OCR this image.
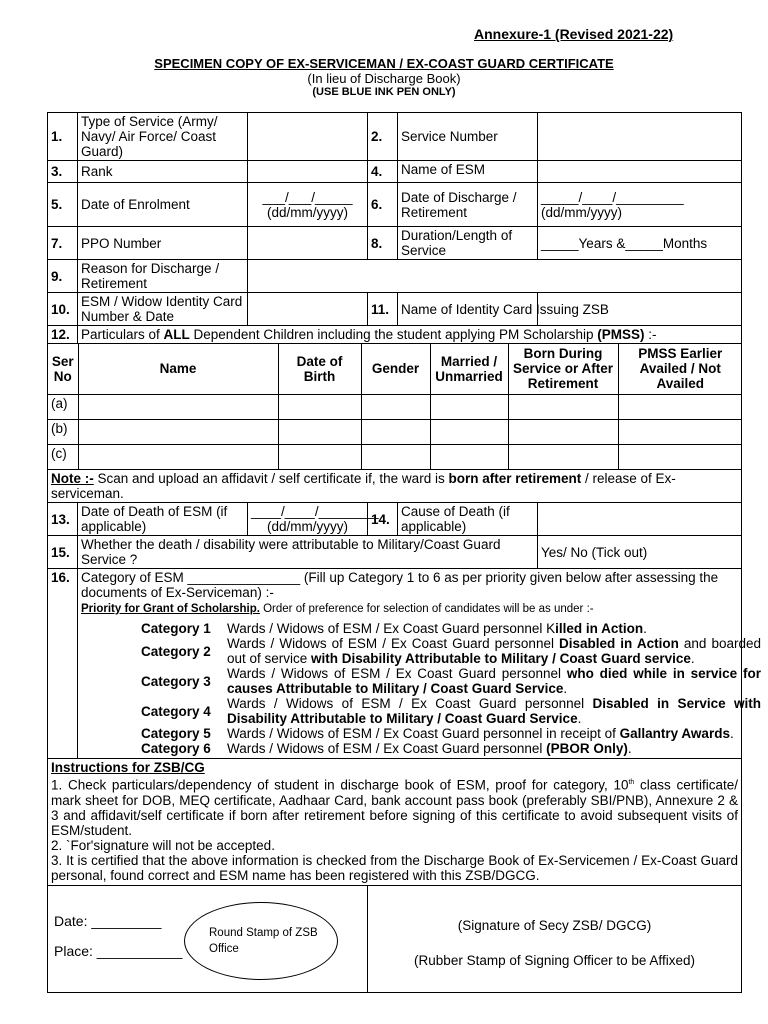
Annexure-1 (Revised 2021-22)
SPECIMEN COPY OF EX-SERVICEMAN / EX-COAST GUARD CERTIFICATE
(In lieu of Discharge Book)
(USE BLUE INK PEN ONLY)
1.	Type of Service (Army/ Navy/ Air Force/ Coast Guard)		2.	Service Number	
3.	Rank		4.	Name of ESM	
5.	Date of Enrolment	___/___/_____ (dd/mm/yyyy)	6.	Date of Discharge / Retirement	_____/____/_________ (dd/mm/yyyy)
7.	PPO Number		8.	Duration/Length of Service	_____Years &_____Months
9.	Reason for Discharge / Retirement	
10.	ESM / Widow Identity Card Number & Date		11.	Name of Identity Card Issuing ZSB	
12.	Particulars of ALL Dependent Children including the student applying PM Scholarship (PMSS) :-

Ser No	Name	Date of Birth	Gender	Married / Unmarried	Born During Service or After Retirement	PMSS Earlier Availed / Not Availed
(a)						
(b)						
(c)						

Note :- Scan and upload an affidavit / self certificate if, the ward is born after retirement / release of Ex-serviceman.
13.	Date of Death of ESM (if applicable)	____/____/________ (dd/mm/yyyy)	14.	Cause of Death (if applicable)	
15.	Whether the death / disability were attributable to Military/Coast Guard Service ?	Yes/ No (Tick out)
16.	Category of ESM _______________ (Fill up Category 1 to 6 as per priority given below after assessing the documents of Ex-Serviceman) :-
Priority for Grant of Scholarship. Order of preference for selection of candidates will be as under :-
Category 1	Wards / Widows of ESM / Ex Coast Guard personnel Killed in Action.
Category 2	Wards / Widows of ESM / Ex Coast Guard personnel Disabled in Action and boarded out of service with Disability Attributable to Military / Coast Guard service.
Category 3	Wards / Widows of ESM / Ex Coast Guard personnel who died while in service for causes Attributable to Military / Coast Guard Service.
Category 4	Wards / Widows of ESM / Ex Coast Guard personnel Disabled in Service with Disability Attributable to Military / Coast Guard Service.
Category 5	Wards / Widows of ESM / Ex Coast Guard personnel in receipt of Gallantry Awards.
Category 6	Wards / Widows of ESM / Ex Coast Guard personnel (PBOR Only).

Instructions for ZSB/CG
1. Check particulars/dependency of student in discharge book of ESM, proof for category, 10th class certificate/ mark sheet for DOB, MEQ certificate, Aadhaar Card, bank account pass book (preferably SBI/PNB), Annexure 2 & 3 and affidavit/self certificate if born after retirement before signing of this certificate to avoid subsequent visits of ESM/student.
2. `For'signature will not be accepted.
3. It is certified that the above information is checked from the Discharge Book of Ex-Servicemen / Ex-Coast Guard personal, found correct and ESM name has been registered with this ZSB/DGCG.

Date: _________
Place: ___________
Round Stamp of ZSB Office

(Signature of Secy ZSB/ DGCG)
(Rubber Stamp of Signing Officer to be Affixed)
